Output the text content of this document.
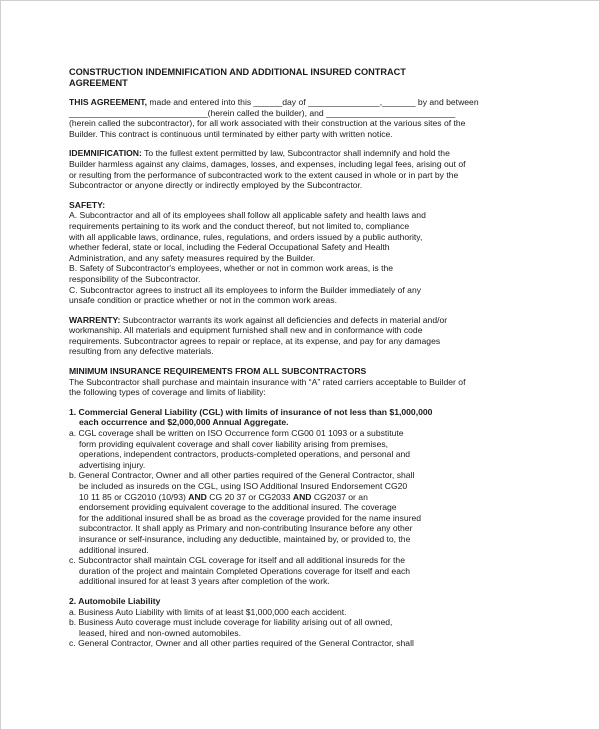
CONSTRUCTION INDEMNIFICATION AND ADDITIONAL INSURED CONTRACT
AGREEMENT
THIS AGREEMENT, made and entered into this ______day of _______________,_______ by and between
_____________________________(herein called the builder), and ___________________________
(herein called the subcontractor), for all work associated with their construction at the various sites of the
Builder. This contract is continuous until terminated by either party with written notice.
IDEMNIFICATION: To the fullest extent permitted by law, Subcontractor shall indemnify and hold the
Builder harmless against any claims, damages, losses, and expenses, including legal fees, arising out of
or resulting from the performance of subcontracted work to the extent caused in whole or in part by the
Subcontractor or anyone directly or indirectly employed by the Subcontractor.
SAFETY:
A. Subcontractor and all of its employees shall follow all applicable safety and health laws and
requirements pertaining to its work and the conduct thereof, but not limited to, compliance
with all applicable laws, ordinance, rules, regulations, and orders issued by a public authority,
whether federal, state or local, including the Federal Occupational Safety and Health
Administration, and any safety measures required by the Builder.
B. Safety of Subcontractor's employees, whether or not in common work areas, is the
responsibility of the Subcontractor.
C. Subcontractor agrees to instruct all its employees to inform the Builder immediately of any
unsafe condition or practice whether or not in the common work areas.
WARRENTY: Subcontractor warrants its work against all deficiencies and defects in material and/or
workmanship. All materials and equipment furnished shall new and in conformance with code
requirements. Subcontractor agrees to repair or replace, at its expense, and pay for any damages
resulting from any defective materials.
MINIMUM INSURANCE REQUIREMENTS FROM ALL SUBCONTRACTORS
The Subcontractor shall purchase and maintain insurance with “A” rated carriers acceptable to Builder of
the following types of coverage and limits of liability:
1. Commercial General Liability (CGL) with limits of insurance of not less than $1,000,000
each occurrence and $2,000,000 Annual Aggregate.
a. CGL coverage shall be written on ISO Occurrence form CG00 01 1093 or a substitute
form providing equivalent coverage and shall cover liability arising from premises,
operations, independent contractors, products-completed operations, and personal and
advertising injury.
b. General Contractor, Owner and all other parties required of the General Contractor, shall
be included as insureds on the CGL, using ISO Additional Insured Endorsement CG20
10 11 85 or CG2010 (10/93) AND CG 20 37 or CG2033 AND CG2037 or an
endorsement providing equivalent coverage to the additional insured. The coverage
for the additional insured shall be as broad as the coverage provided for the name insured
subcontractor. It shall apply as Primary and non-contributing Insurance before any other
insurance or self-insurance, including any deductible, maintained by, or provided to, the
additional insured.
c. Subcontractor shall maintain CGL coverage for itself and all additional insureds for the
duration of the project and maintain Completed Operations coverage for itself and each
additional insured for at least 3 years after completion of the work.
2. Automobile Liability
a. Business Auto Liability with limits of at least $1,000,000 each accident.
b. Business Auto coverage must include coverage for liability arising out of all owned,
leased, hired and non-owned automobiles.
c. General Contractor, Owner and all other parties required of the General Contractor, shall
